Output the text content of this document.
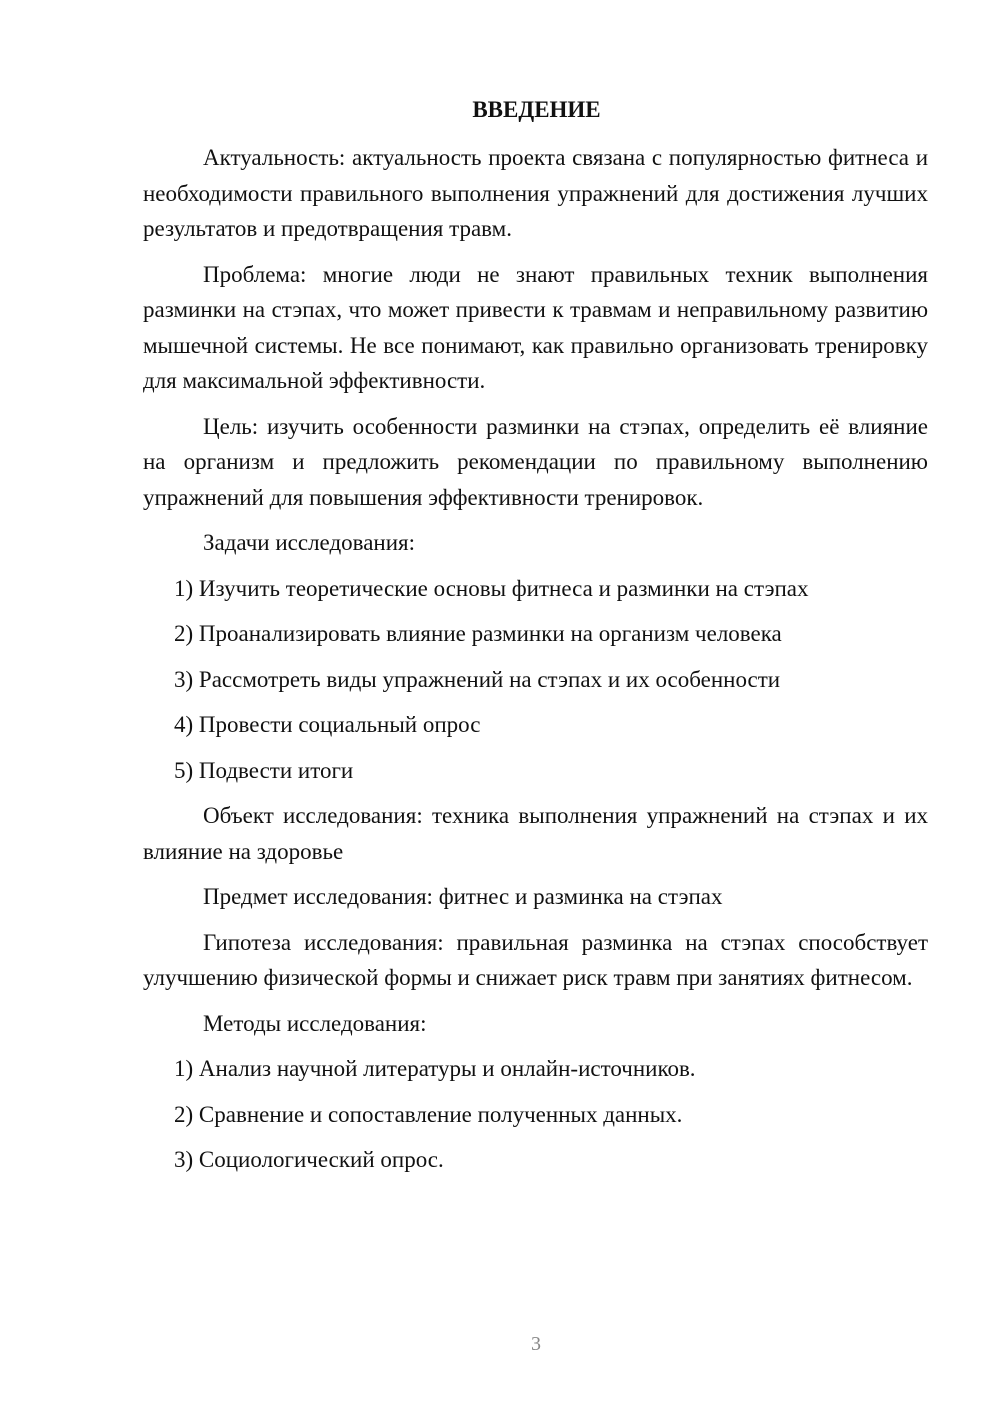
ВВЕДЕНИЕ

Актуальность: актуальность проекта связана с популярностью фитнеса и необходимости правильного выполнения упражнений для достижения лучших результатов и предотвращения травм.

Проблема: многие люди не знают правильных техник выполнения разминки на стэпах, что может привести к травмам и неправильному развитию мышечной системы. Не все понимают, как правильно организовать тренировку для максимальной эффективности.

Цель: изучить особенности разминки на стэпах, определить её влияние на организм и предложить рекомендации по правильному выполнению упражнений для повышения эффективности тренировок.

Задачи исследования:

1) Изучить теоретические основы фитнеса и разминки на стэпах
2) Проанализировать влияние разминки на организм человека
3) Рассмотреть виды упражнений на стэпах и их особенности
4) Провести социальный опрос
5) Подвести итоги

Объект исследования: техника выполнения упражнений на стэпах и их влияние на здоровье

Предмет исследования: фитнес и разминка на стэпах

Гипотеза исследования: правильная разминка на стэпах способствует улучшению физической формы и снижает риск травм при занятиях фитнесом.

Методы исследования:

1) Анализ научной литературы и онлайн-источников.
2) Сравнение и сопоставление полученных данных.
3) Социологический опрос.
3
